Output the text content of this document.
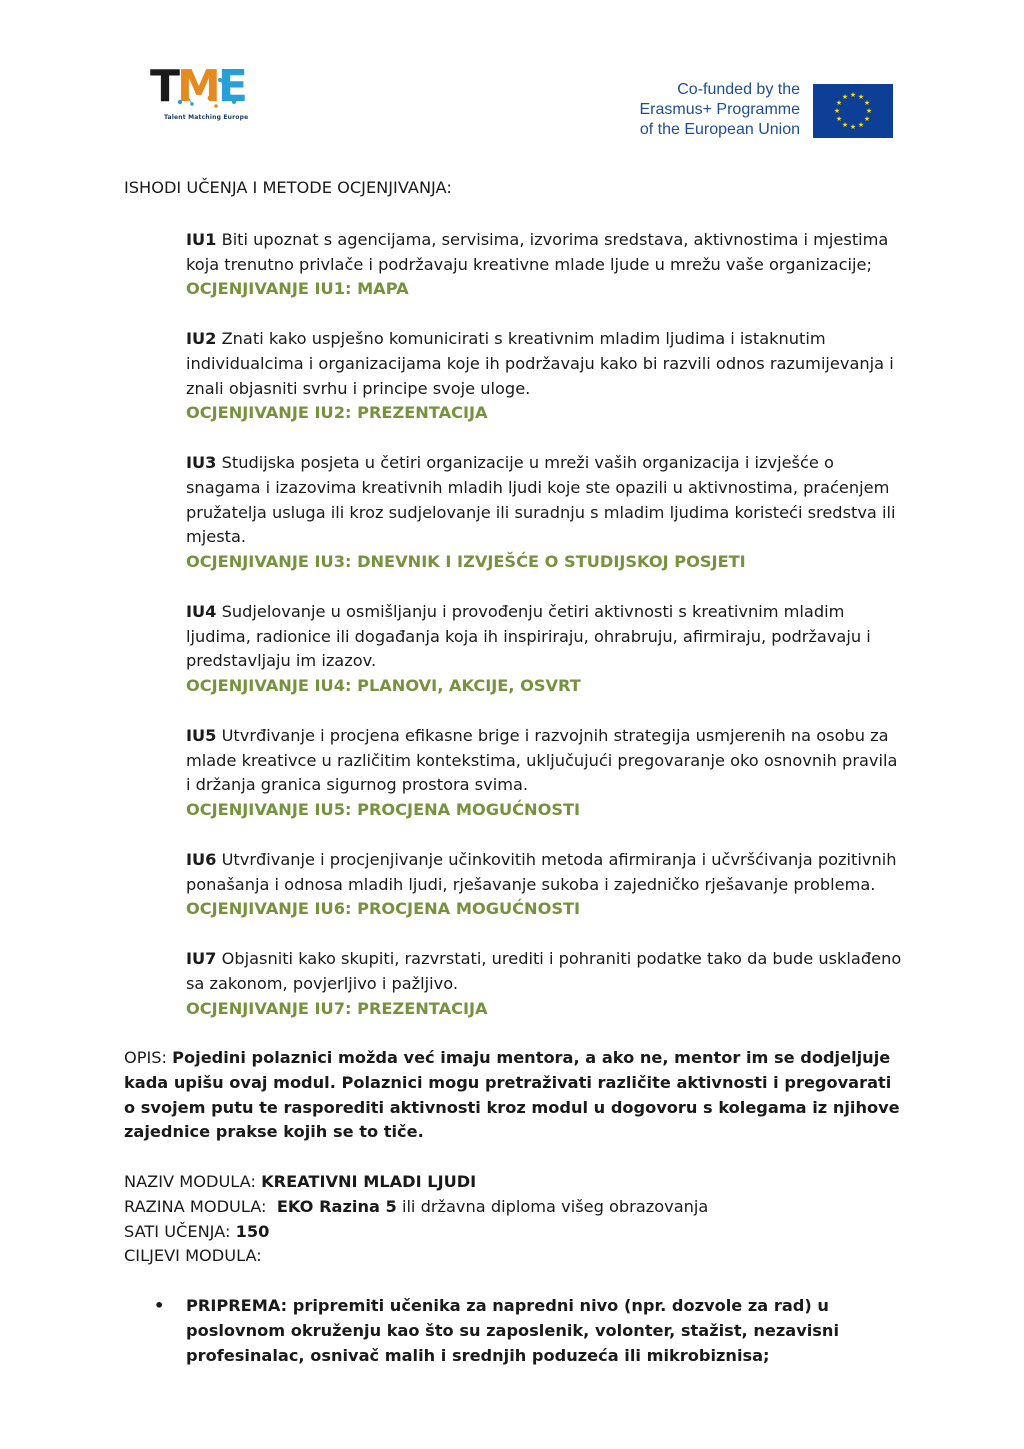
TME
Talent Matching Europe
Co-funded by the
Erasmus+ Programme
of the European Union
★ ★
★
★
★
★
★
★
★
★
★
★

ISHODI UČENJA I METODE OCJENJIVANJA:

IU1 Biti upoznat s agencijama, servisima, izvorima sredstava, aktivnostima i mjestima koja trenutno privlače i podržavaju kreativne mlade ljude u mrežu vaše organizacije;
OCJENJIVANJE IU1: MAPA

IU2 Znati kako uspješno komunicirati s kreativnim mladim ljudima i istaknutim individualcima i organizacijama koje ih podržavaju kako bi razvili odnos razumijevanja i znali objasniti svrhu i principe svoje uloge.
OCJENJIVANJE IU2: PREZENTACIJA

IU3 Studijska posjeta u četiri organizacije u mreži vaših organizacija i izvješće o snagama i izazovima kreativnih mladih ljudi koje ste opazili u aktivnostima, praćenjem pružatelja usluga ili kroz sudjelovanje ili suradnju s mladim ljudima koristeći sredstva ili mjesta.
OCJENJIVANJE IU3: DNEVNIK I IZVJEŠĆE O STUDIJSKOJ POSJETI

IU4 Sudjelovanje u osmišljanju i provođenju četiri aktivnosti s kreativnim mladim ljudima, radionice ili događanja koja ih inspiriraju, ohrabruju, afirmiraju, podržavaju i predstavljaju im izazov.
OCJENJIVANJE IU4: PLANOVI, AKCIJE, OSVRT

IU5 Utvrđivanje i procjena efikasne brige i razvojnih strategija usmjerenih na osobu za mlade kreativce u različitim kontekstima, uključujući pregovaranje oko osnovnih pravila i držanja granica sigurnog prostora svima.
OCJENJIVANJE IU5: PROCJENA MOGUĆNOSTI

IU6 Utvrđivanje i procjenjivanje učinkovitih metoda afirmiranja i učvršćivanja pozitivnih ponašanja i odnosa mladih ljudi, rješavanje sukoba i zajedničko rješavanje problema.
OCJENJIVANJE IU6: PROCJENA MOGUĆNOSTI

IU7 Objasniti kako skupiti, razvrstati, urediti i pohraniti podatke tako da bude usklađeno sa zakonom, povjerljivo i pažljivo.
OCJENJIVANJE IU7: PREZENTACIJA

OPIS: Pojedini polaznici možda već imaju mentora, a ako ne, mentor im se dodjeljuje kada upišu ovaj modul. Polaznici mogu pretraživati različite aktivnosti i pregovarati o svojem putu te rasporediti aktivnosti kroz modul u dogovoru s kolegama iz njihove zajednice prakse kojih se to tiče.

NAZIV MODULA: KREATIVNI MLADI LJUDI

RAZINA MODULA:  EKO Razina 5 ili državna diploma višeg obrazovanja

SATI UČENJA: 150

CILJEVI MODULA:

• PRIPREMA: pripremiti učenika za napredni nivo (npr. dozvole za rad) u poslovnom okruženju kao što su zaposlenik, volonter, stažist, nezavisni profesinalac, osnivač malih i srednjih poduzeća ili mikrobiznisa;
